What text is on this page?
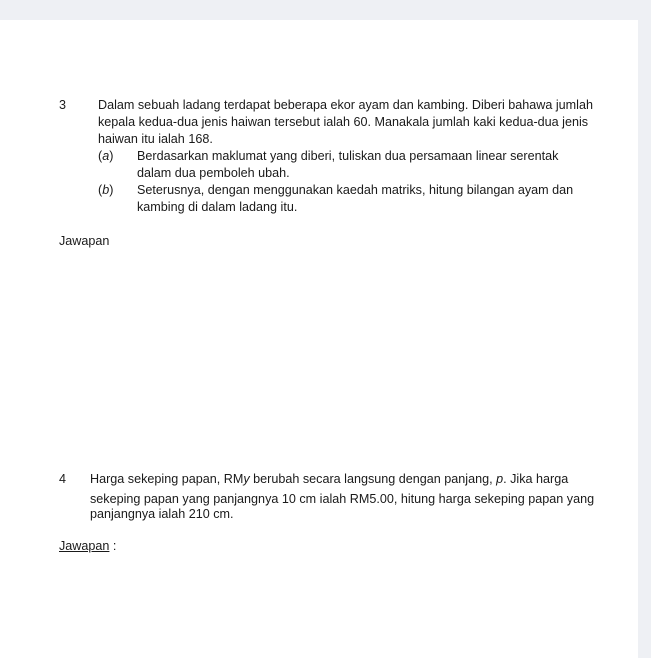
3	Dalam sebuah ladang terdapat beberapa ekor ayam dan kambing. Diberi bahawa jumlah
kepala kedua-dua jenis haiwan tersebut ialah 60. Manakala jumlah kaki kedua-dua jenis
haiwan itu ialah 168.
(a) Berdasarkan maklumat yang diberi, tuliskan dua persamaan linear serentak
dalam dua pemboleh ubah.
(b) Seterusnya, dengan menggunakan kaedah matriks, hitung bilangan ayam dan
kambing di dalam ladang itu.
Jawapan
4 Harga sekeping papan, RMy berubah secara langsung dengan panjang, p. Jika harga
sekeping papan yang panjangnya 10 cm ialah RM5.00, hitung harga sekeping papan yang
panjangnya ialah 210 cm.
Jawapan :
